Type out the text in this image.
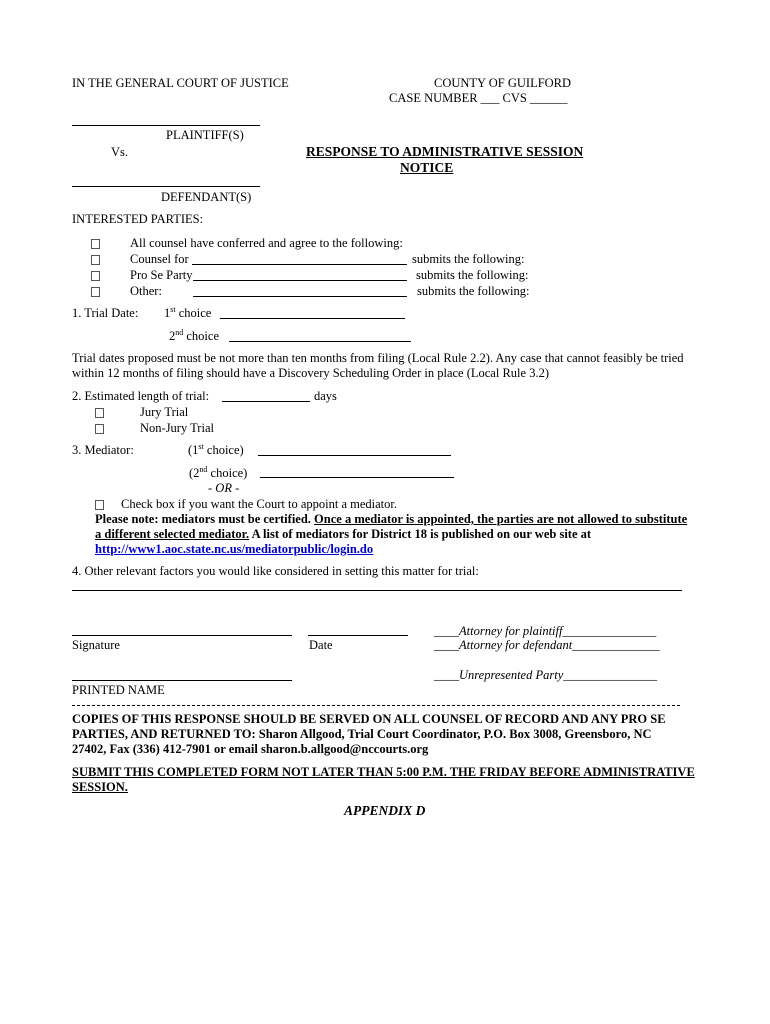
IN THE GENERAL COURT OF JUSTICE	COUNTY OF GUILFORD
CASE NUMBER ___ CVS ______
PLAINTIFF(S)
Vs.	RESPONSE TO ADMINISTRATIVE SESSION
NOTICE
DEFENDANT(S)
INTERESTED PARTIES:
All counsel have conferred and agree to the following:
Counsel for	submits the following:
Pro Se Party	submits the following:
Other:	submits the following:
1. Trial Date: 1st choice
2nd choice
Trial dates proposed must be not more than ten months from filing (Local Rule 2.2). Any case that cannot feasibly be tried
within 12 months of filing should have a Discovery Scheduling Order in place (Local Rule 3.2)
2. Estimated length of trial:	days
Jury Trial
Non-Jury Trial
3. Mediator:	(1st choice)
(2nd choice)
- OR -
Check box if you want the Court to appoint a mediator.
Please note: mediators must be certified. Once a mediator is appointed, the parties are not allowed to substitute
a different selected mediator. A list of mediators for District 18 is published on our web site at
http://www1.aoc.state.nc.us/mediatorpublic/login.do
4. Other relevant factors you would like considered in setting this matter for trial:
____Attorney for plaintiff_______________
Signature	Date	____Attorney for defendant______________
____Unrepresented Party_______________
PRINTED NAME
COPIES OF THIS RESPONSE SHOULD BE SERVED ON ALL COUNSEL OF RECORD AND ANY PRO SE
PARTIES, AND RETURNED TO: Sharon Allgood, Trial Court Coordinator, P.O. Box 3008, Greensboro, NC
27402, Fax (336) 412-7901 or email sharon.b.allgood@nccourts.org
SUBMIT THIS COMPLETED FORM NOT LATER THAN 5:00 P.M. THE FRIDAY BEFORE ADMINISTRATIVE
SESSION.
APPENDIX D
